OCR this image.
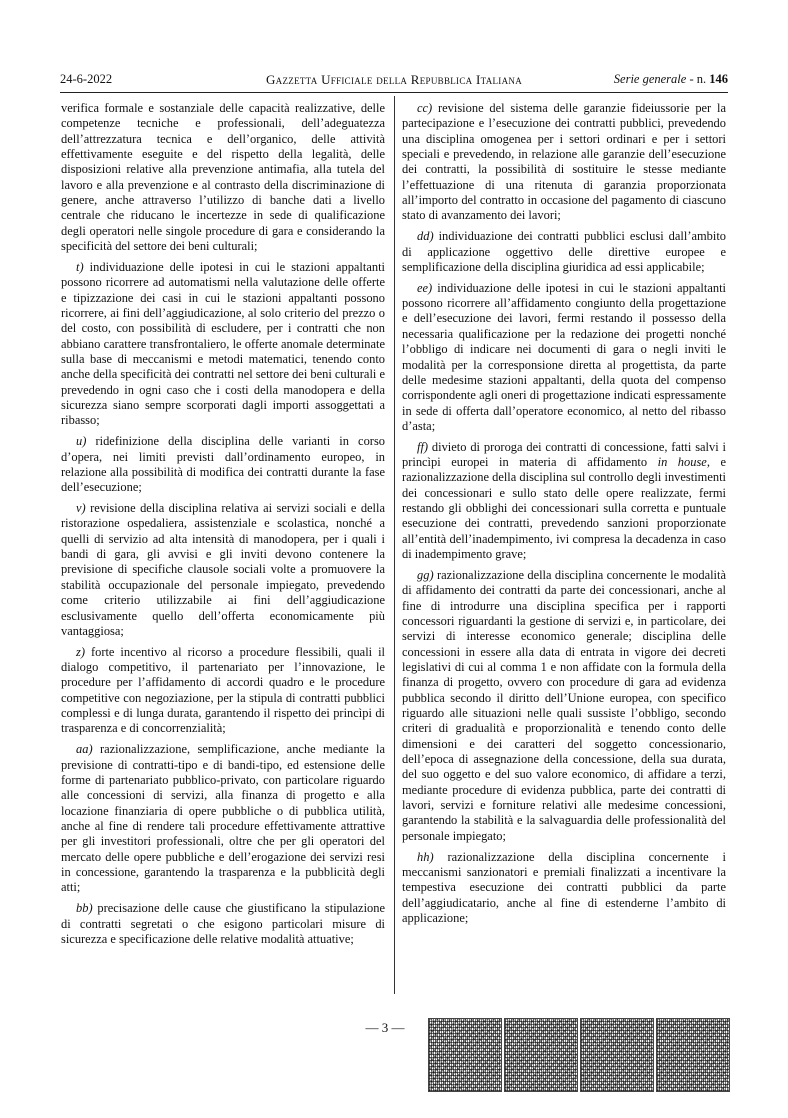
24-6-2022	Gazzetta Ufficiale della Repubblica Italiana	Serie generale - n. 146

verifica formale e sostanziale delle capacità realizzative, delle competenze tecniche e professionali, dell’adeguatezza dell’attrezzatura tecnica e dell’organico, delle attività effettivamente eseguite e del rispetto della legalità, delle disposizioni relative alla prevenzione antimafia, alla tutela del lavoro e alla prevenzione e al contrasto della discriminazione di genere, anche attraverso l’utilizzo di banche dati a livello centrale che riducano le incertezze in sede di qualificazione degli operatori nelle singole procedure di gara e considerando la specificità del settore dei beni culturali;

t) individuazione delle ipotesi in cui le stazioni appaltanti possono ricorrere ad automatismi nella valutazione delle offerte e tipizzazione dei casi in cui le stazioni appaltanti possono ricorrere, ai fini dell’aggiudicazione, al solo criterio del prezzo o del costo, con possibilità di escludere, per i contratti che non abbiano carattere transfrontaliero, le offerte anomale determinate sulla base di meccanismi e metodi matematici, tenendo conto anche della specificità dei contratti nel settore dei beni culturali e prevedendo in ogni caso che i costi della manodopera e della sicurezza siano sempre scorporati dagli importi assoggettati a ribasso;

u) ridefinizione della disciplina delle varianti in corso d’opera, nei limiti previsti dall’ordinamento europeo, in relazione alla possibilità di modifica dei contratti durante la fase dell’esecuzione;

v) revisione della disciplina relativa ai servizi sociali e della ristorazione ospedaliera, assistenziale e scolastica, nonché a quelli di servizio ad alta intensità di manodopera, per i quali i bandi di gara, gli avvisi e gli inviti devono contenere la previsione di specifiche clausole sociali volte a promuovere la stabilità occupazionale del personale impiegato, prevedendo come criterio utilizzabile ai fini dell’aggiudicazione esclusivamente quello dell’offerta economicamente più vantaggiosa;

z) forte incentivo al ricorso a procedure flessibili, quali il dialogo competitivo, il partenariato per l’innovazione, le procedure per l’affidamento di accordi quadro e le procedure competitive con negoziazione, per la stipula di contratti pubblici complessi e di lunga durata, garantendo il rispetto dei princìpi di trasparenza e di concorrenzialità;

aa) razionalizzazione, semplificazione, anche mediante la previsione di contratti-tipo e di bandi-tipo, ed estensione delle forme di partenariato pubblico-privato, con particolare riguardo alle concessioni di servizi, alla finanza di progetto e alla locazione finanziaria di opere pubbliche o di pubblica utilità, anche al fine di rendere tali procedure effettivamente attrattive per gli investitori professionali, oltre che per gli operatori del mercato delle opere pubbliche e dell’erogazione dei servizi resi in concessione, garantendo la trasparenza e la pubblicità degli atti;

bb) precisazione delle cause che giustificano la stipulazione di contratti segretati o che esigono particolari misure di sicurezza e specificazione delle relative modalità attuative;

cc) revisione del sistema delle garanzie fideiussorie per la partecipazione e l’esecuzione dei contratti pubblici, prevedendo una disciplina omogenea per i settori ordinari e per i settori speciali e prevedendo, in relazione alle garanzie dell’esecuzione dei contratti, la possibilità di sostituire le stesse mediante l’effettuazione di una ritenuta di garanzia proporzionata all’importo del contratto in occasione del pagamento di ciascuno stato di avanzamento dei lavori;

dd) individuazione dei contratti pubblici esclusi dall’ambito di applicazione oggettivo delle direttive europee e semplificazione della disciplina giuridica ad essi applicabile;

ee) individuazione delle ipotesi in cui le stazioni appaltanti possono ricorrere all’affidamento congiunto della progettazione e dell’esecuzione dei lavori, fermi restando il possesso della necessaria qualificazione per la redazione dei progetti nonché l’obbligo di indicare nei documenti di gara o negli inviti le modalità per la corresponsione diretta al progettista, da parte delle medesime stazioni appaltanti, della quota del compenso corrispondente agli oneri di progettazione indicati espressamente in sede di offerta dall’operatore economico, al netto del ribasso d’asta;

ff) divieto di proroga dei contratti di concessione, fatti salvi i princìpi europei in materia di affidamento in house, e razionalizzazione della disciplina sul controllo degli investimenti dei concessionari e sullo stato delle opere realizzate, fermi restando gli obblighi dei concessionari sulla corretta e puntuale esecuzione dei contratti, prevedendo sanzioni proporzionate all’entità dell’inadempimento, ivi compresa la decadenza in caso di inadempimento grave;

gg) razionalizzazione della disciplina concernente le modalità di affidamento dei contratti da parte dei concessionari, anche al fine di introdurre una disciplina specifica per i rapporti concessori riguardanti la gestione di servizi e, in particolare, dei servizi di interesse economico generale; disciplina delle concessioni in essere alla data di entrata in vigore dei decreti legislativi di cui al comma 1 e non affidate con la formula della finanza di progetto, ovvero con procedure di gara ad evidenza pubblica secondo il diritto dell’Unione europea, con specifico riguardo alle situazioni nelle quali sussiste l’obbligo, secondo criteri di gradualità e proporzionalità e tenendo conto delle dimensioni e dei caratteri del soggetto concessionario, dell’epoca di assegnazione della concessione, della sua durata, del suo oggetto e del suo valore economico, di affidare a terzi, mediante procedure di evidenza pubblica, parte dei contratti di lavori, servizi e forniture relativi alle medesime concessioni, garantendo la stabilità e la salvaguardia delle professionalità del personale impiegato;

hh) razionalizzazione della disciplina concernente i meccanismi sanzionatori e premiali finalizzati a incentivare la tempestiva esecuzione dei contratti pubblici da parte dell’aggiudicatario, anche al fine di estenderne l’ambito di applicazione;

— 3 —
